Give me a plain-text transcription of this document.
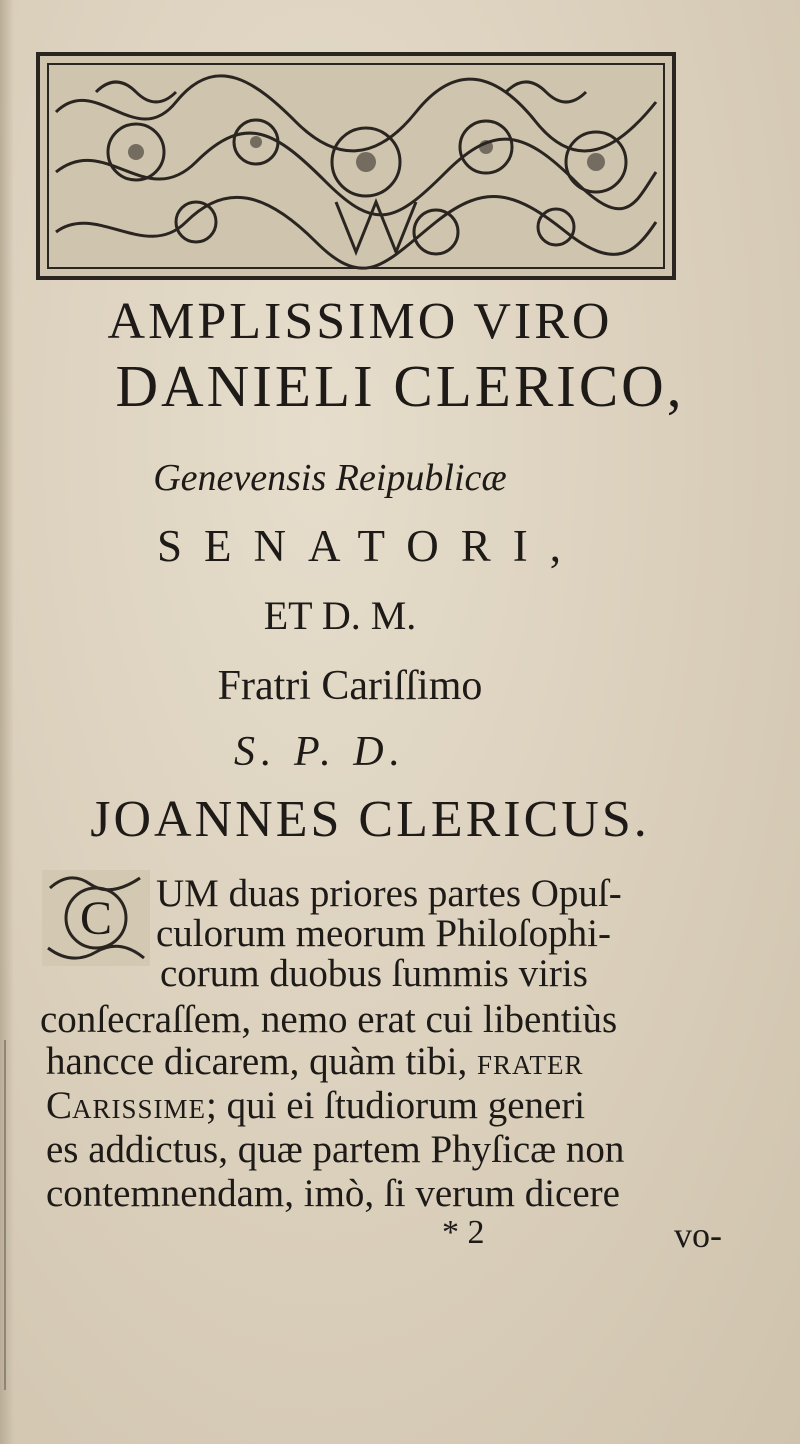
AMPLISSIMO VIRO

DANIELI CLERICO,

Genevensis Reipublicæ

SENATORI,

ET D. M.

Fratri Cariſſimo

S. P. D.

JOANNES CLERICUS.

C UM duas priores partes Opuſ-

culorum meorum Philoſophi-

corum duobus ſummis viris

conſecraſſem, nemo erat cui libentiùs

hancce dicarem, quàm tibi, FRATER

CARISSIME; qui ei ſtudiorum generi

es addictus, quæ partem Phyſicæ non

contemnendam, imò, ſi verum dicere

* 2	vo-
